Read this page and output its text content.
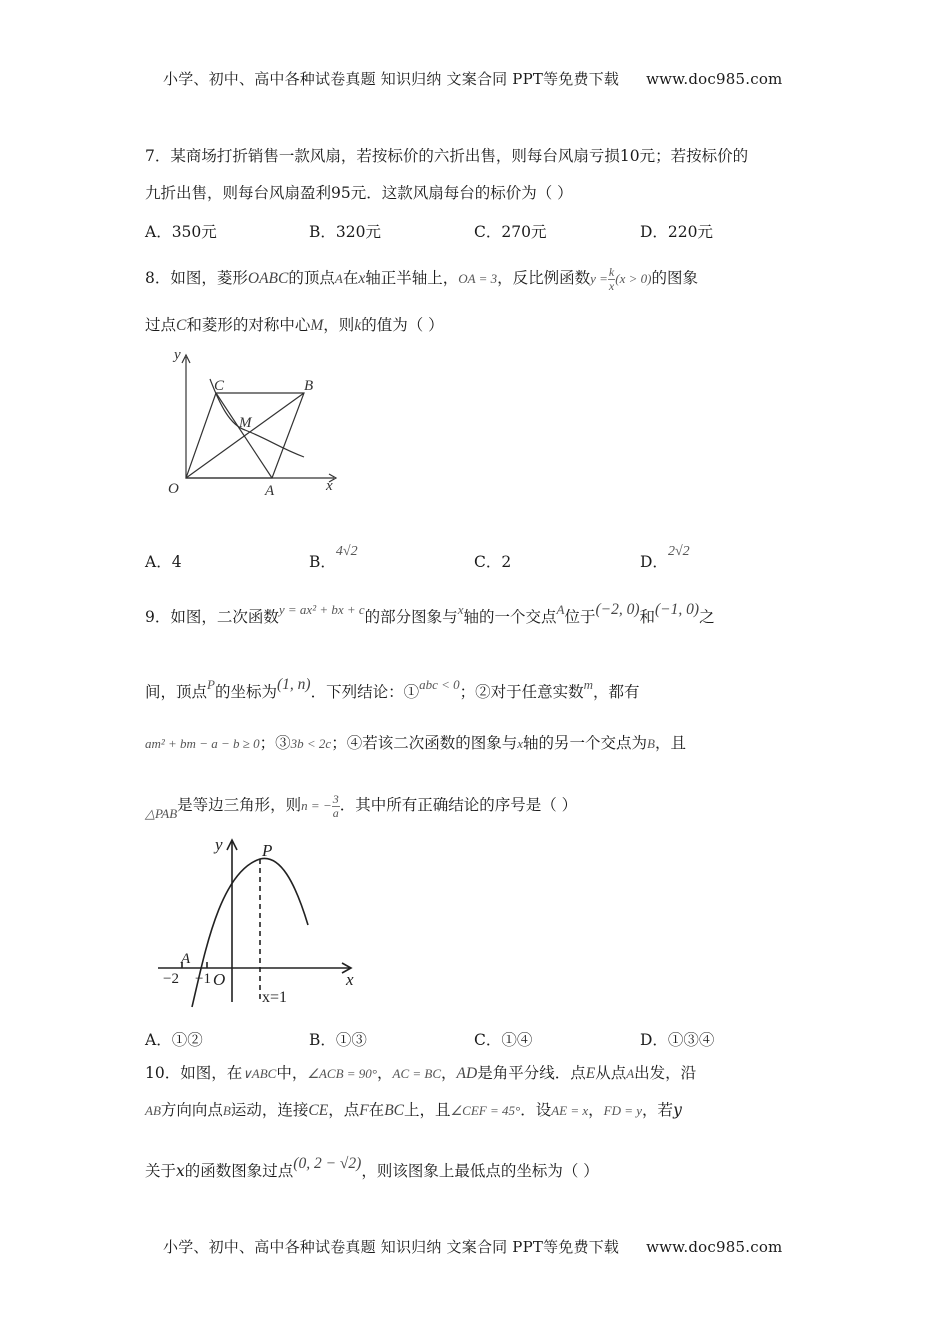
小学、初中、高中各种试卷真题 知识归纳 文案合同 PPT等免费下载 www.doc985.com
7．某商场打折销售一款风扇，若按标价的六折出售，则每台风扇亏损10元；若按标价的
九折出售，则每台风扇盈利95元．这款风扇每台的标价为（ ）
A．350元	B．320元	C．270元	D．220元
8．如图，菱形OABC的顶点A在x轴正半轴上，OA = 3，反比例函数$y = \frac{k}{x} (x > 0)$的图象
过点C和菱形的对称中心M，则k的值为（ ）
y
x
O	A
B
C
M
A．4	B．4√2
C．2	D．2√2
9．如图，二次函数$^{y = ax^2 + bx + c}$的部分图象与$^x$轴的一个交点$^A$位于(−2, 0)和(−1, 0)之
间，顶点$^P$的坐标为(1, n)．下列结论：①$^{abc < 0}$；②对于任意实数$^m$，都有
am² + bm − a − b ≥ 0；③3b < 2c；④若该二次函数的图象与x轴的另一个交点为B，且
$_{\triangle PAB}$是等边三角形，则n = − $\frac{3}{a}$ ．其中所有正确结论的序号是（ ）
y
x
P
A
O
−2 −1
x=1
A．①②	B．①③	C．①④	D．①③④
10．如图，在∨ABC中，∠ACB = 90°，AC = BC，AD是角平分线．点E从点A出发，沿
AB方向向点B运动，连接CE，点F在BC上，且∠CEF = 45°．设AE = x，FD = y，若y
关于x的函数图象过点(0, 2 − √2)，则该图象上最低点的坐标为（ ）
小学、初中、高中各种试卷真题 知识归纳 文案合同 PPT等免费下载 www.doc985.com
